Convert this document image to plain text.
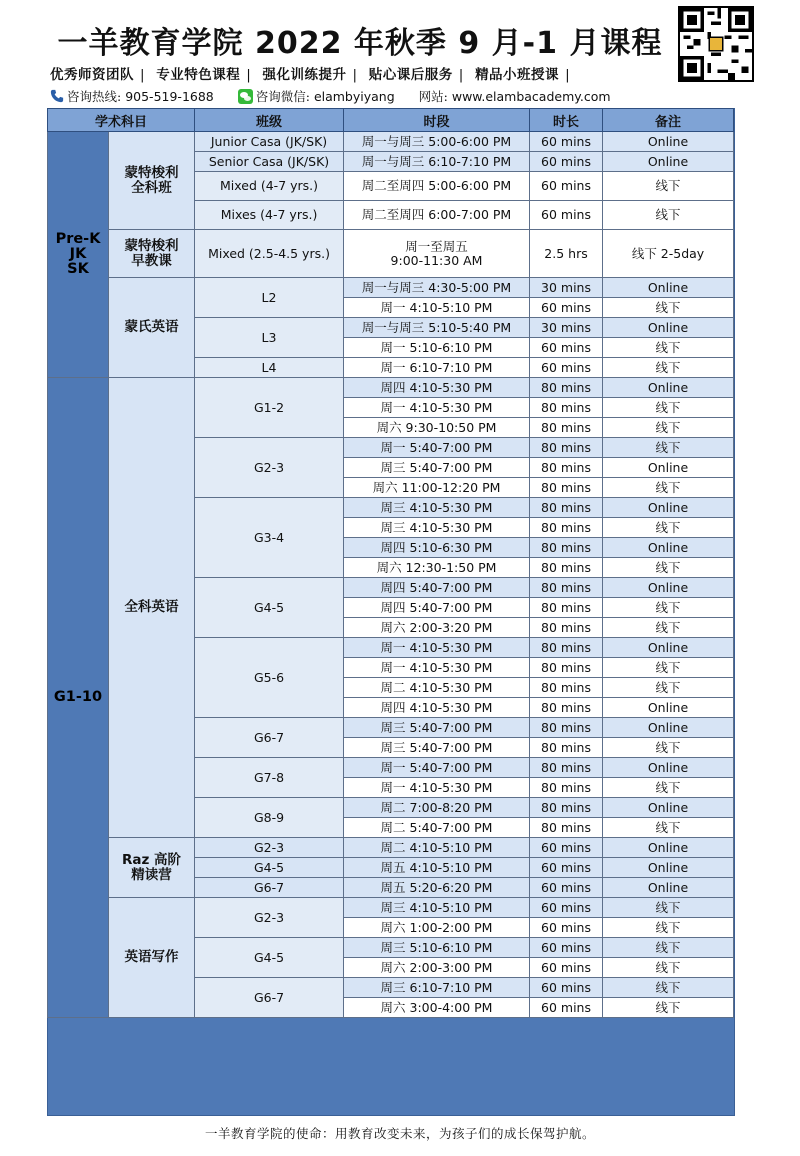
一羊教育学院 2022 年秋季 9 月-1 月课程
优秀师资团队 | 专业特色课程 | 强化训练提升 | 贴心课后服务 | 精品小班授课 |
咨询热线: 905-519-1688	咨询微信: elambyiyang 网站: www.elambacademy.com
学术科目		班级	时段	时长	备注
Pre-K
JK
SK	蒙特梭利
全科班	Junior Casa (JK/SK)	周一与周三 5:00-6:00 PM	60 mins	Online
		Senior Casa (JK/SK)	周一与周三 6:10-7:10 PM	60 mins	Online
		Mixed (4-7 yrs.)	周二至周四 5:00-6:00 PM	60 mins	线下
		Mixes (4-7 yrs.)	周二至周四 6:00-7:00 PM	60 mins	线下
	蒙特梭利
早教课	Mixed (2.5-4.5 yrs.)	周一至周五
9:00-11:30 AM	2.5 hrs	线下 2-5day
	蒙氏英语	L2	周一与周三 4:30-5:00 PM	30 mins	Online
			周一 4:10-5:10 PM	60 mins	线下
		L3	周一与周三 5:10-5:40 PM	30 mins	Online
			周一 5:10-6:10 PM	60 mins	线下
		L4	周一 6:10-7:10 PM	60 mins	线下
G1-10	全科英语	G1-2	周四 4:10-5:30 PM	80 mins	Online
			周一 4:10-5:30 PM	80 mins	线下
			周六 9:30-10:50 PM	80 mins	线下
		G2-3	周一 5:40-7:00 PM	80 mins	线下
			周三 5:40-7:00 PM	80 mins	Online
			周六 11:00-12:20 PM	80 mins	线下
		G3-4	周三 4:10-5:30 PM	80 mins	Online
			周三 4:10-5:30 PM	80 mins	线下
			周四 5:10-6:30 PM	80 mins	Online
			周六 12:30-1:50 PM	80 mins	线下
		G4-5	周四 5:40-7:00 PM	80 mins	Online
			周四 5:40-7:00 PM	80 mins	线下
			周六 2:00-3:20 PM	80 mins	线下
		G5-6	周一 4:10-5:30 PM	80 mins	Online
			周一 4:10-5:30 PM	80 mins	线下
			周二 4:10-5:30 PM	80 mins	线下
			周四 4:10-5:30 PM	80 mins	Online
		G6-7	周三 5:40-7:00 PM	80 mins	Online
			周三 5:40-7:00 PM	80 mins	线下
		G7-8	周一 5:40-7:00 PM	80 mins	Online
			周一 4:10-5:30 PM	80 mins	线下
		G8-9	周二 7:00-8:20 PM	80 mins	Online
			周二 5:40-7:00 PM	80 mins	线下
	Raz 高阶
精读营	G2-3	周二 4:10-5:10 PM	60 mins	Online
		G4-5	周五 4:10-5:10 PM	60 mins	Online
		G6-7	周五 5:20-6:20 PM	60 mins	Online
	英语写作	G2-3	周三 4:10-5:10 PM	60 mins	线下
			周六 1:00-2:00 PM	60 mins	线下
		G4-5	周三 5:10-6:10 PM	60 mins	线下
			周六 2:00-3:00 PM	60 mins	线下
		G6-7	周三 6:10-7:10 PM	60 mins	线下
			周六 3:00-4:00 PM	60 mins	线下
一羊教育学院的使命：用教育改变未来，为孩子们的成长保驾护航。
